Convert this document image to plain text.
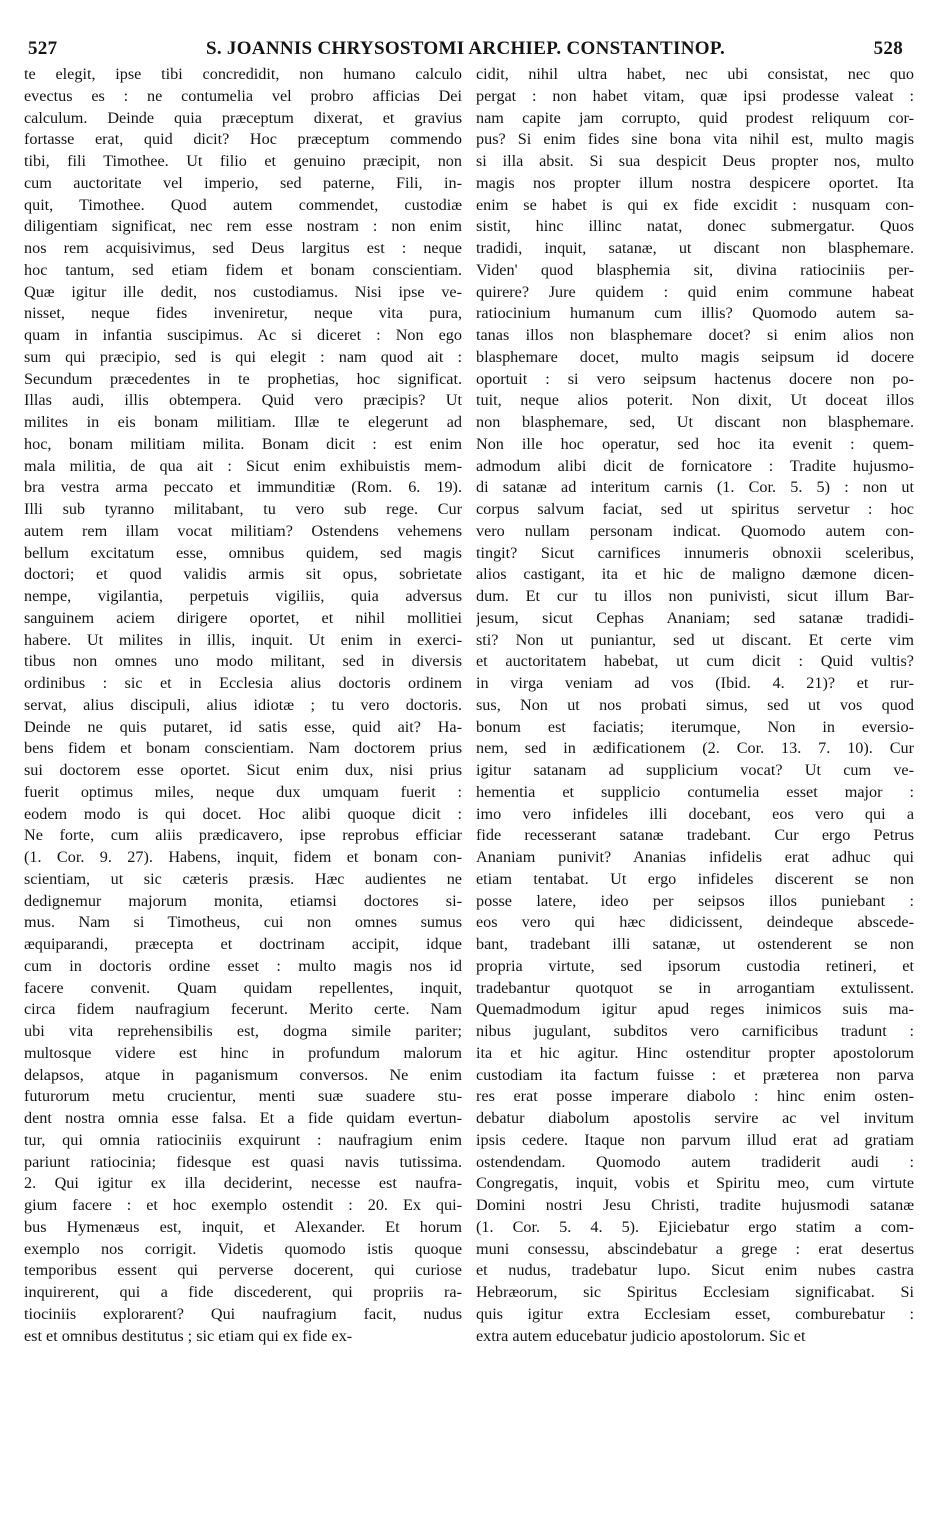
527	S. JOANNIS CHRYSOSTOMI ARCHIEP. CONSTANTINOP.	528
te elegit, ipse tibi concredidit, non humano calculo
evectus es : ne contumelia vel probro afficias Dei
calculum. Deinde quia præceptum dixerat, et gravius
fortasse erat, quid dicit? Hoc præceptum commendo
tibi, fili Timothee. Ut filio et genuino præcipit, non
cum auctoritate vel imperio, sed paterne, Fili, in-
quit, Timothee. Quod autem commendet, custodiæ
diligentiam significat, nec rem esse nostram : non enim
nos rem acquisivimus, sed Deus largitus est : neque
hoc tantum, sed etiam fidem et bonam conscientiam.
Quæ igitur ille dedit, nos custodiamus. Nisi ipse ve-
nisset, neque fides inveniretur, neque vita pura,
quam in infantia suscipimus. Ac si diceret : Non ego
sum qui præcipio, sed is qui elegit : nam quod ait :
Secundum præcedentes in te prophetias, hoc significat.
Illas audi, illis obtempera. Quid vero præcipis? Ut
milites in eis bonam militiam. Illæ te elegerunt ad
hoc, bonam militiam milita. Bonam dicit : est enim
mala militia, de qua ait : Sicut enim exhibuistis mem-
bra vestra arma peccato et immunditiæ (Rom. 6. 19).
Illi sub tyranno militabant, tu vero sub rege. Cur
autem rem illam vocat militiam? Ostendens vehemens
bellum excitatum esse, omnibus quidem, sed magis
doctori; et quod validis armis sit opus, sobrietate
nempe, vigilantia, perpetuis vigiliis, quia adversus
sanguinem aciem dirigere oportet, et nihil mollitiei
habere. Ut milites in illis, inquit. Ut enim in exerci-
tibus non omnes uno modo militant, sed in diversis
ordinibus : sic et in Ecclesia alius doctoris ordinem
servat, alius discipuli, alius idiotæ ; tu vero doctoris.
Deinde ne quis putaret, id satis esse, quid ait? Ha-
bens fidem et bonam conscientiam. Nam doctorem prius
sui doctorem esse oportet. Sicut enim dux, nisi prius
fuerit optimus miles, neque dux umquam fuerit :
eodem modo is qui docet. Hoc alibi quoque dicit :
Ne forte, cum aliis prædicavero, ipse reprobus efficiar
(1. Cor. 9. 27). Habens, inquit, fidem et bonam con-
scientiam, ut sic cæteris præsis. Hæc audientes ne
dedignemur majorum monita, etiamsi doctores si-
mus. Nam si Timotheus, cui non omnes sumus
æquiparandi, præcepta et doctrinam accipit, idque
cum in doctoris ordine esset : multo magis nos id
facere convenit. Quam quidam repellentes, inquit,
circa fidem naufragium fecerunt. Merito certe. Nam
ubi vita reprehensibilis est, dogma simile pariter;
multosque videre est hinc in profundum malorum
delapsos, atque in paganismum conversos. Ne enim
futurorum metu crucientur, menti suæ suadere stu-
dent nostra omnia esse falsa. Et a fide quidam evertun-
tur, qui omnia ratiociniis exquirunt : naufragium enim
pariunt ratiocinia; fidesque est quasi navis tutissima.
2. Qui igitur ex illa deciderint, necesse est naufra-
gium facere : et hoc exemplo ostendit : 20. Ex qui-
bus Hymenæus est, inquit, et Alexander. Et horum
exemplo nos corrigit. Videtis quomodo istis quoque
temporibus essent qui perverse docerent, qui curiose
inquirerent, qui a fide discederent, qui propriis ra-
tiociniis explorarent? Qui naufragium facit, nudus
est et omnibus destitutus ; sic etiam qui ex fide ex-
cidit, nihil ultra habet, nec ubi consistat, nec quo
pergat : non habet vitam, quæ ipsi prodesse valeat :
nam capite jam corrupto, quid prodest reliquum cor-
pus? Si enim fides sine bona vita nihil est, multo magis
si illa absit. Si sua despicit Deus propter nos, multo
magis nos propter illum nostra despicere oportet. Ita
enim se habet is qui ex fide excidit : nusquam con-
sistit, hinc illinc natat, donec submergatur. Quos
tradidi, inquit, satanæ, ut discant non blasphemare.
Viden' quod blasphemia sit, divina ratiociniis per-
quirere? Jure quidem : quid enim commune habeat
ratiocinium humanum cum illis? Quomodo autem sa-
tanas illos non blasphemare docet? si enim alios non
blasphemare docet, multo magis seipsum id docere
oportuit : si vero seipsum hactenus docere non po-
tuit, neque alios poterit. Non dixit, Ut doceat illos
non blasphemare, sed, Ut discant non blasphemare.
Non ille hoc operatur, sed hoc ita evenit : quem-
admodum alibi dicit de fornicatore : Tradite hujusmo-
di satanæ ad interitum carnis (1. Cor. 5. 5) : non ut
corpus salvum faciat, sed ut spiritus servetur : hoc
vero nullam personam indicat. Quomodo autem con-
tingit? Sicut carnifices innumeris obnoxii sceleribus,
alios castigant, ita et hic de maligno dæmone dicen-
dum. Et cur tu illos non punivisti, sicut illum Bar-
jesum, sicut Cephas Ananiam; sed satanæ tradidi-
sti? Non ut puniantur, sed ut discant. Et certe vim
et auctoritatem habebat, ut cum dicit : Quid vultis?
in virga veniam ad vos (Ibid. 4. 21)? et rur-
sus, Non ut nos probati simus, sed ut vos quod
bonum est faciatis; iterumque, Non in eversio-
nem, sed in ædificationem (2. Cor. 13. 7. 10). Cur
igitur satanam ad supplicium vocat? Ut cum ve-
hementia et supplicio contumelia esset major :
imo vero infideles illi docebant, eos vero qui a
fide recesserant satanæ tradebant. Cur ergo Petrus
Ananiam punivit? Ananias infidelis erat adhuc qui
etiam tentabat. Ut ergo infideles discerent se non
posse latere, ideo per seipsos illos puniebant :
eos vero qui hæc didicissent, deindeque abscede-
bant, tradebant illi satanæ, ut ostenderent se non
propria virtute, sed ipsorum custodia retineri, et
tradebantur quotquot se in arrogantiam extulissent.
Quemadmodum igitur apud reges inimicos suis ma-
nibus jugulant, subditos vero carnificibus tradunt :
ita et hic agitur. Hinc ostenditur propter apostolorum
custodiam ita factum fuisse : et præterea non parva
res erat posse imperare diabolo : hinc enim osten-
debatur diabolum apostolis servire ac vel invitum
ipsis cedere. Itaque non parvum illud erat ad gratiam
ostendendam. Quomodo autem tradiderit audi :
Congregatis, inquit, vobis et Spiritu meo, cum virtute
Domini nostri Jesu Christi, tradite hujusmodi satanæ
(1. Cor. 5. 4. 5). Ejiciebatur ergo statim a com-
muni consessu, abscindebatur a grege : erat desertus
et nudus, tradebatur lupo. Sicut enim nubes castra
Hebræorum, sic Spiritus Ecclesiam significabat. Si
quis igitur extra Ecclesiam esset, comburebatur :
extra autem educebatur judicio apostolorum. Sic et
